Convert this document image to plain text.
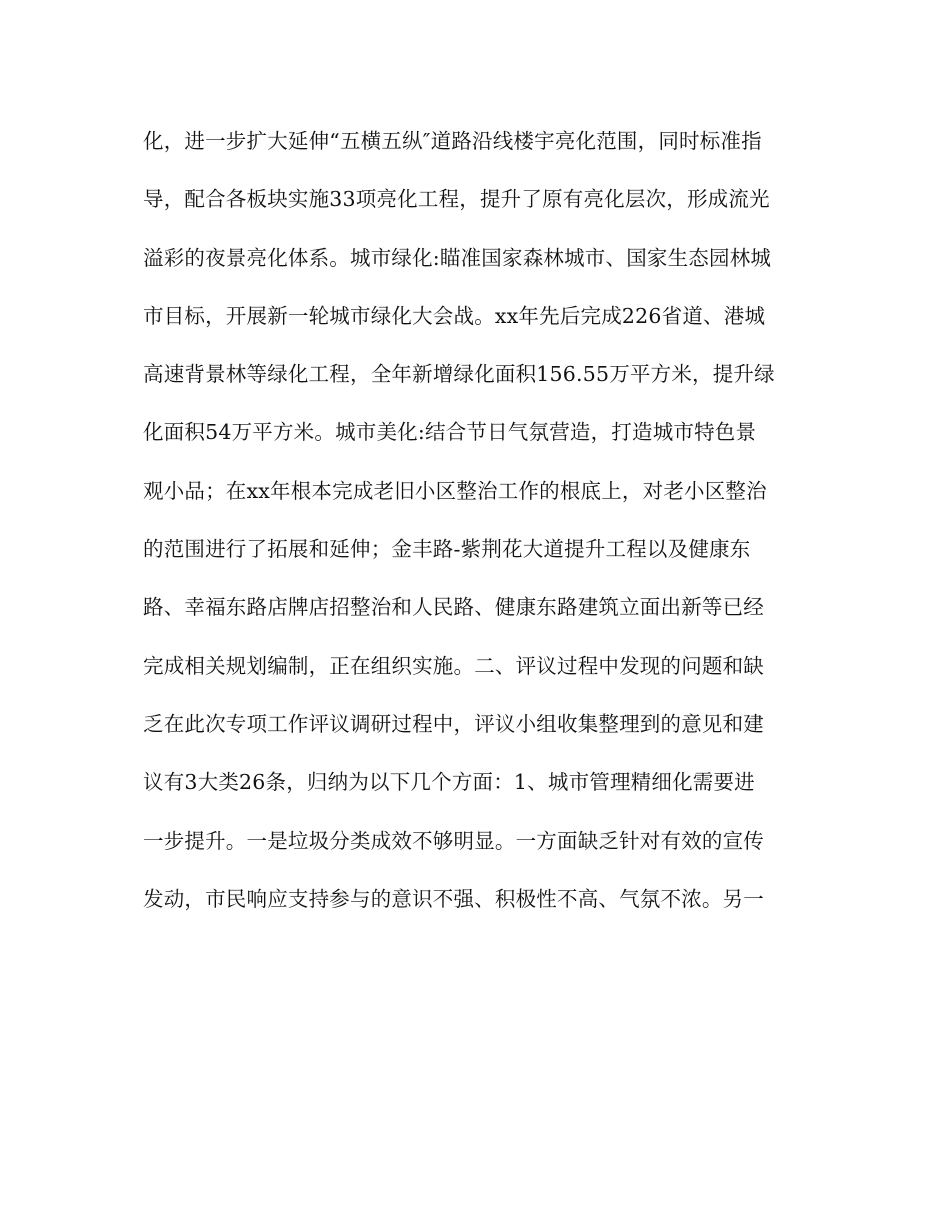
化，进一步扩大延伸“五横五纵″道路沿线楼宇亮化范围，同时标准指
导，配合各板块实施33项亮化工程，提升了原有亮化层次，形成流光
溢彩的夜景亮化体系。城市绿化:瞄准国家森林城市、国家生态园林城
市目标，开展新一轮城市绿化大会战。xx年先后完成226省道、港城
高速背景林等绿化工程，全年新增绿化面积156.55万平方米，提升绿
化面积54万平方米。城市美化:结合节日气氛营造，打造城市特色景
观小品；在xx年根本完成老旧小区整治工作的根底上，对老小区整治
的范围进行了拓展和延伸；金丰路-紫荆花大道提升工程以及健康东
路、幸福东路店牌店招整治和人民路、健康东路建筑立面出新等已经
完成相关规划编制，正在组织实施。二、评议过程中发现的问题和缺
乏在此次专项工作评议调研过程中，评议小组收集整理到的意见和建
议有3大类26条，归纳为以下几个方面：1、城市管理精细化需要进
一步提升。一是垃圾分类成效不够明显。一方面缺乏针对有效的宣传
发动，市民响应支持参与的意识不强、积极性不高、气氛不浓。另一
